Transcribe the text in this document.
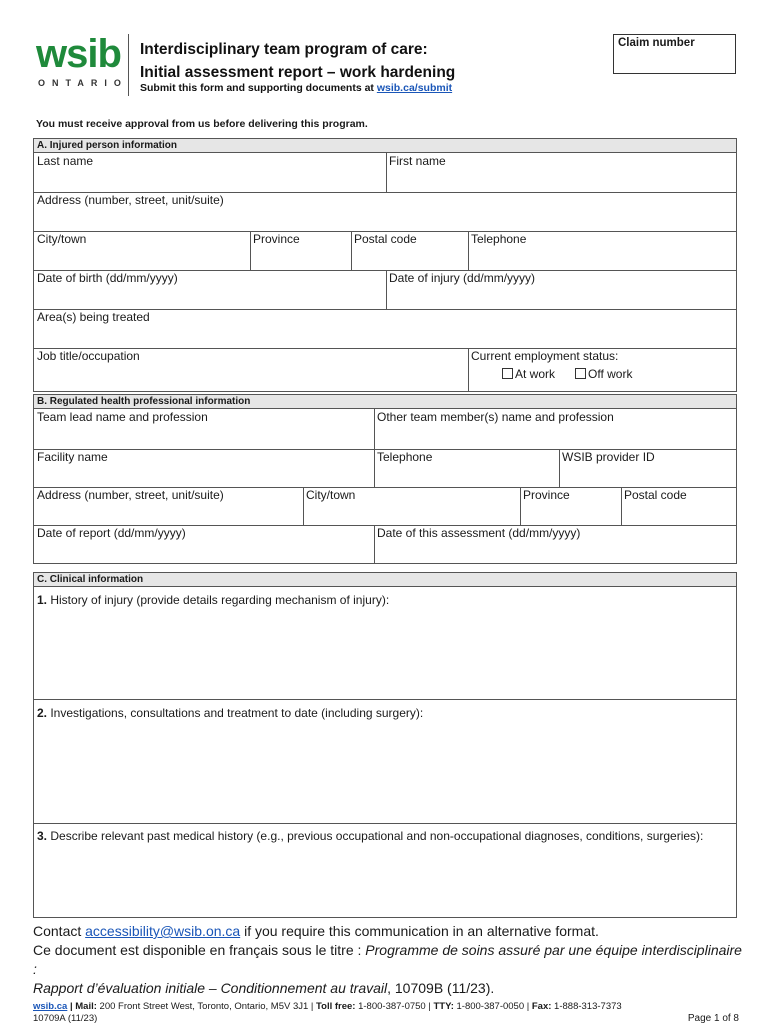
wsib
ONTARIO
Interdisciplinary team program of care:
Initial assessment report – work hardening
Submit this form and supporting documents at wsib.ca/submit
Claim number
You must receive approval from us before delivering this program.
A. Injured person information
Last name	First name
Address (number, street, unit/suite)
City/town	Province	Postal code	Telephone
Date of birth (dd/mm/yyyy)	Date of injury (dd/mm/yyyy)
Area(s) being treated
Job title/occupation	Current employment status:
At work	Off work
B. Regulated health professional information
Team lead name and profession	Other team member(s) name and profession
Facility name	Telephone	WSIB provider ID
Address (number, street, unit/suite)	City/town	Province	Postal code
Date of report (dd/mm/yyyy)	Date of this assessment (dd/mm/yyyy)
C. Clinical information
1. History of injury (provide details regarding mechanism of injury):
2. Investigations, consultations and treatment to date (including surgery):
3. Describe relevant past medical history (e.g., previous occupational and non-occupational diagnoses, conditions, surgeries):
Contact accessibility@wsib.on.ca if you require this communication in an alternative format.
Ce document est disponible en français sous le titre : Programme de soins assuré par une équipe interdisciplinaire :
Rapport d’évaluation initiale – Conditionnement au travail, 10709B (11/23).
wsib.ca | Mail: 200 Front Street West, Toronto, Ontario, M5V 3J1 | Toll free: 1-800-387-0750 | TTY: 1-800-387-0050 | Fax: 1-888-313-7373
10709A (11/23)	Page 1 of 8
